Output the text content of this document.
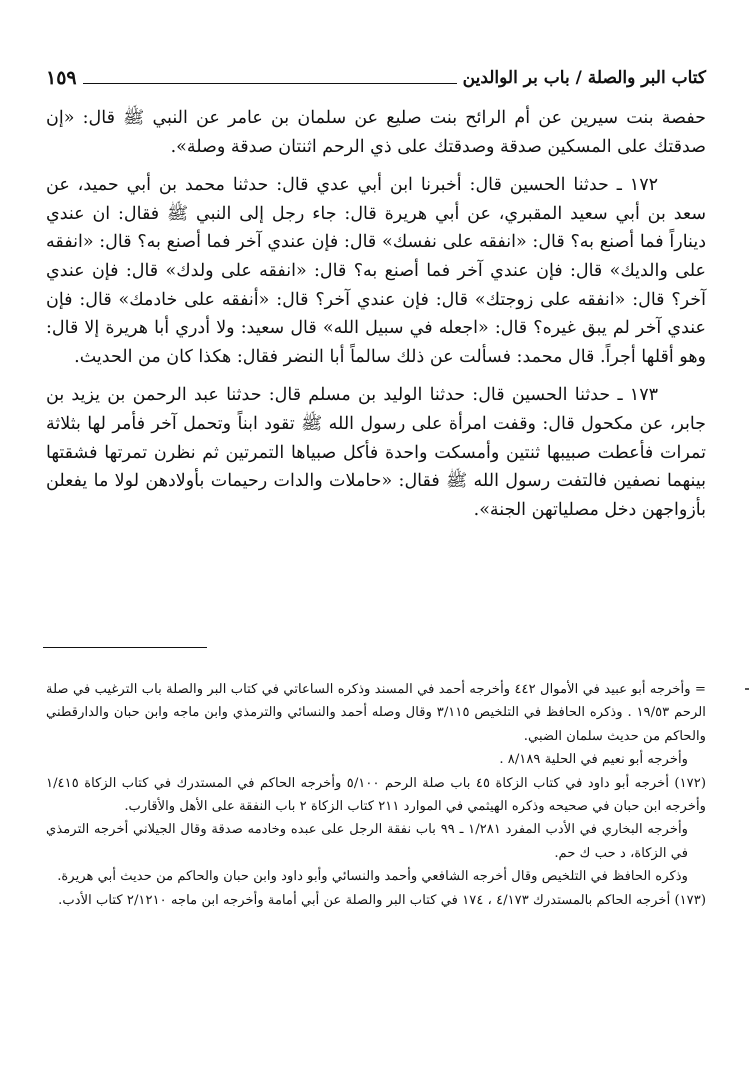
كتاب البر والصلة / باب بر الوالدين
١٥٩

حفصة بنت سيرين عن أم الرائح بنت صليع عن سلمان بن عامر عن النبي ﷺ قال: «إن صدقتك على المسكين صدقة وصدقتك على ذي الرحم اثنتان صدقة وصلة».

١٧٢ ـ حدثنا الحسين قال: أخبرنا ابن أبي عدي قال: حدثنا محمد بن أبي حميد، عن سعد بن أبي سعيد المقبري، عن أبي هريرة قال: جاء رجل إلى النبي ﷺ فقال: ان عندي ديناراً فما أصنع به؟ قال: «انفقه على نفسك» قال: فإن عندي آخر فما أصنع به؟ قال: «انفقه على والديك» قال: فإن عندي آخر فما أصنع به؟ قال: «انفقه على ولدك» قال: فإن عندي آخر؟ قال: «انفقه على زوجتك» قال: فإن عندي آخر؟ قال: «أنفقه على خادمك» قال: فإن عندي آخر لم يبق غيره؟ قال: «اجعله في سبيل الله» قال سعيد: ولا أدري أبا هريرة إلا قال: وهو أقلها أجراً. قال محمد: فسألت عن ذلك سالماً أبا النضر فقال: هكذا كان من الحديث.

١٧٣ ـ حدثنا الحسين قال: حدثنا الوليد بن مسلم قال: حدثنا عبد الرحمن بن يزيد بن جابر، عن مكحول قال: وقفت امرأة على رسول الله ﷺ تقود ابناً وتحمل آخر فأمر لها بثلاثة تمرات فأعطت صبيبها ثنتين وأمسكت واحدة فأكل صبياها التمرتين ثم نظرن تمرتها فشقتها بينهما نصفين فالتفت رسول الله ﷺ فقال: «حاملات والدات رحيمات بأولادهن لولا ما يفعلن بأزواجهن دخل مصلياتهن الجنة».

= وأخرجه أبو عبيد في الأموال ٤٤٢ وأخرجه أحمد في المسند وذكره الساعاتي في كتاب البر والصلة باب الترغيب في صلة الرحم ١٩/٥٣ . وذكره الحافظ في التلخيص ٣/١١٥ وقال وصله أحمد والنسائي والترمذي وابن ماجه وابن حبان والدارقطني والحاكم من حديث سلمان الضبي.

وأخرجه أبو نعيم في الحلية ٨/١٨٩ .

(١٧٢) أخرجه أبو داود في كتاب الزكاة ٤٥ باب صلة الرحم ٥/١٠٠ وأخرجه الحاكم في المستدرك في كتاب الزكاة ١/٤١٥ وأخرجه ابن حبان في صحيحه وذكره الهيثمي في الموارد ٢١١ كتاب الزكاة ٢ باب النفقة على الأهل والأقارب.

وأخرجه البخاري في الأدب المفرد ١/٢٨١ ـ ٩٩ باب نفقة الرجل على عبده وخادمه صدقة وقال الجيلاني أخرجه الترمذي في الزكاة، د حب ك حم.

وذكره الحافظ في التلخيص وقال أخرجه الشافعي وأحمد والنسائي وأبو داود وابن حبان والحاكم من حديث أبي هريرة.

(١٧٣) أخرجه الحاكم بالمستدرك ٤/١٧٣ ، ١٧٤ في كتاب البر والصلة عن أبي أمامة وأخرجه ابن ماجه ٢/١٢١٠ كتاب الأدب.
